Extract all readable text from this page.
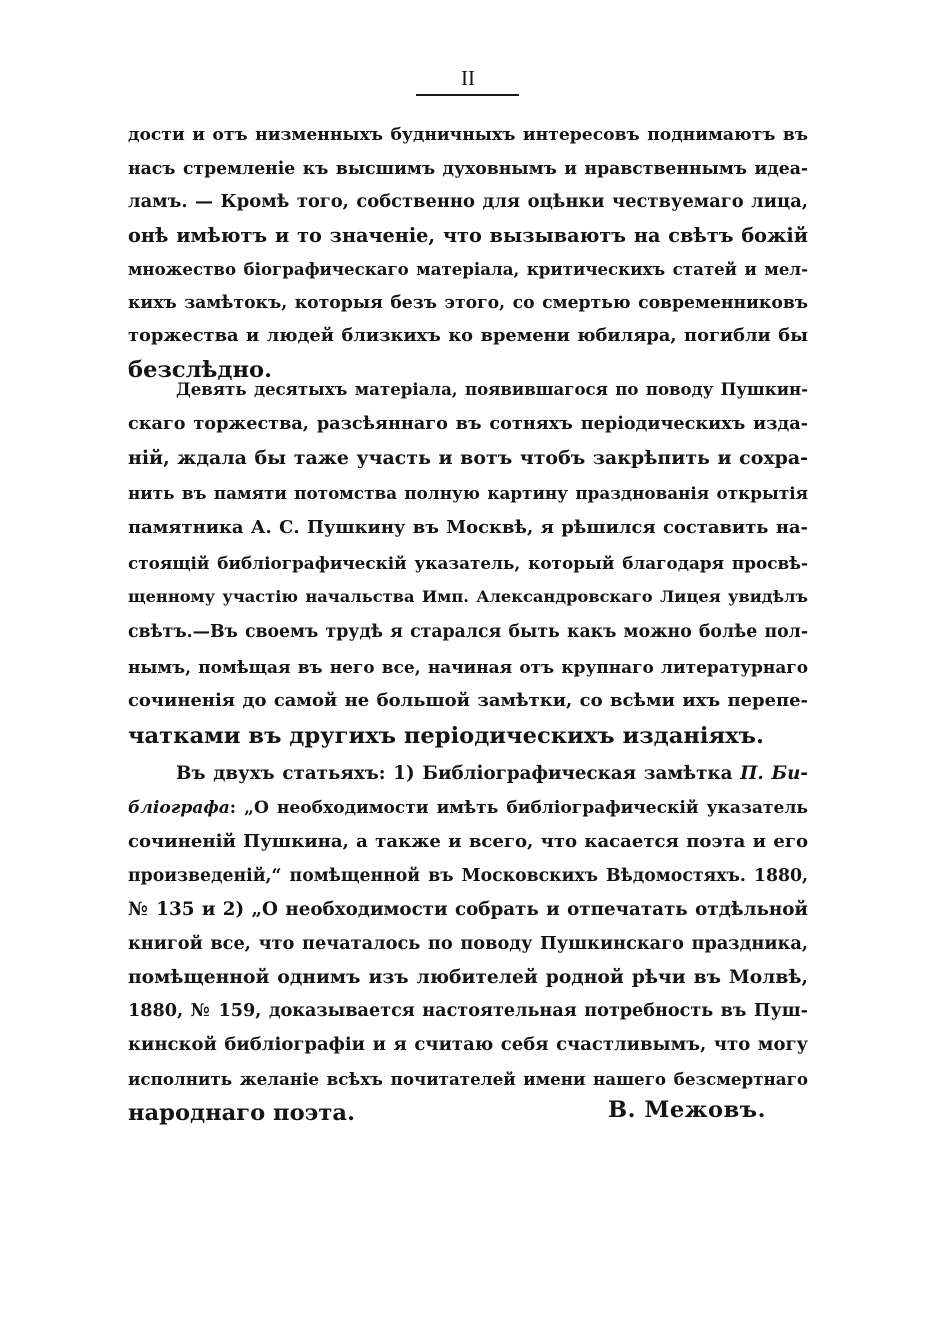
II
дости и отъ низменныхъ будничныхъ интересовъ поднимаютъ въ
насъ стремленіе къ высшимъ духовнымъ и нравственнымъ идеа-
ламъ. — Кромѣ того, собственно для оцѣнки чествуемаго лица,
онѣ имѣютъ и то значеніе, что вызываютъ на свѣтъ божій
множество біографическаго матеріала, критическихъ статей и мел-
кихъ замѣтокъ, которыя безъ этого, со смертью современниковъ
торжества и людей близкихъ ко времени юбиляра, погибли бы
безслѣдно.
Девять десятыхъ матеріала, появившагося по поводу Пушкин-
скаго торжества, разсѣяннаго въ сотняхъ періодическихъ изда-
ній, ждала бы таже участь и вотъ чтобъ закрѣпить и сохра-
нить въ памяти потомства полную картину празднованія открытія
памятника А. С. Пушкину въ Москвѣ, я рѣшился составить на-
стоящій библіографическій указатель, который благодаря просвѣ-
щенному участію начальства Имп. Александровскаго Лицея увидѣлъ
свѣтъ.—Въ своемъ трудѣ я старался быть какъ можно болѣе пол-
нымъ, помѣщая въ него все, начиная отъ крупнаго литературнаго
сочиненія до самой не большой замѣтки, со всѣми ихъ перепе-
чатками въ другихъ періодическихъ изданіяхъ.
Въ двухъ статьяхъ: 1) Библіографическая замѣтка П. Би-
бліографа: „О необходимости имѣть библіографическій указатель
сочиненій Пушкина, а также и всего, что касается поэта и его
произведеній,“ помѣщенной въ Московскихъ Вѣдомостяхъ. 1880,
№ 135 и 2) „О необходимости собрать и отпечатать отдѣльной
книгой все, что печаталось по поводу Пушкинскаго праздника,
помѣщенной однимъ изъ любителей родной рѣчи въ Молвѣ,
1880, № 159, доказывается настоятельная потребность въ Пуш-
кинской библіографіи и я считаю себя счастливымъ, что могу
исполнить желаніе всѣхъ почитателей имени нашего безсмертнаго
народнаго поэта.	В. Межовъ.
